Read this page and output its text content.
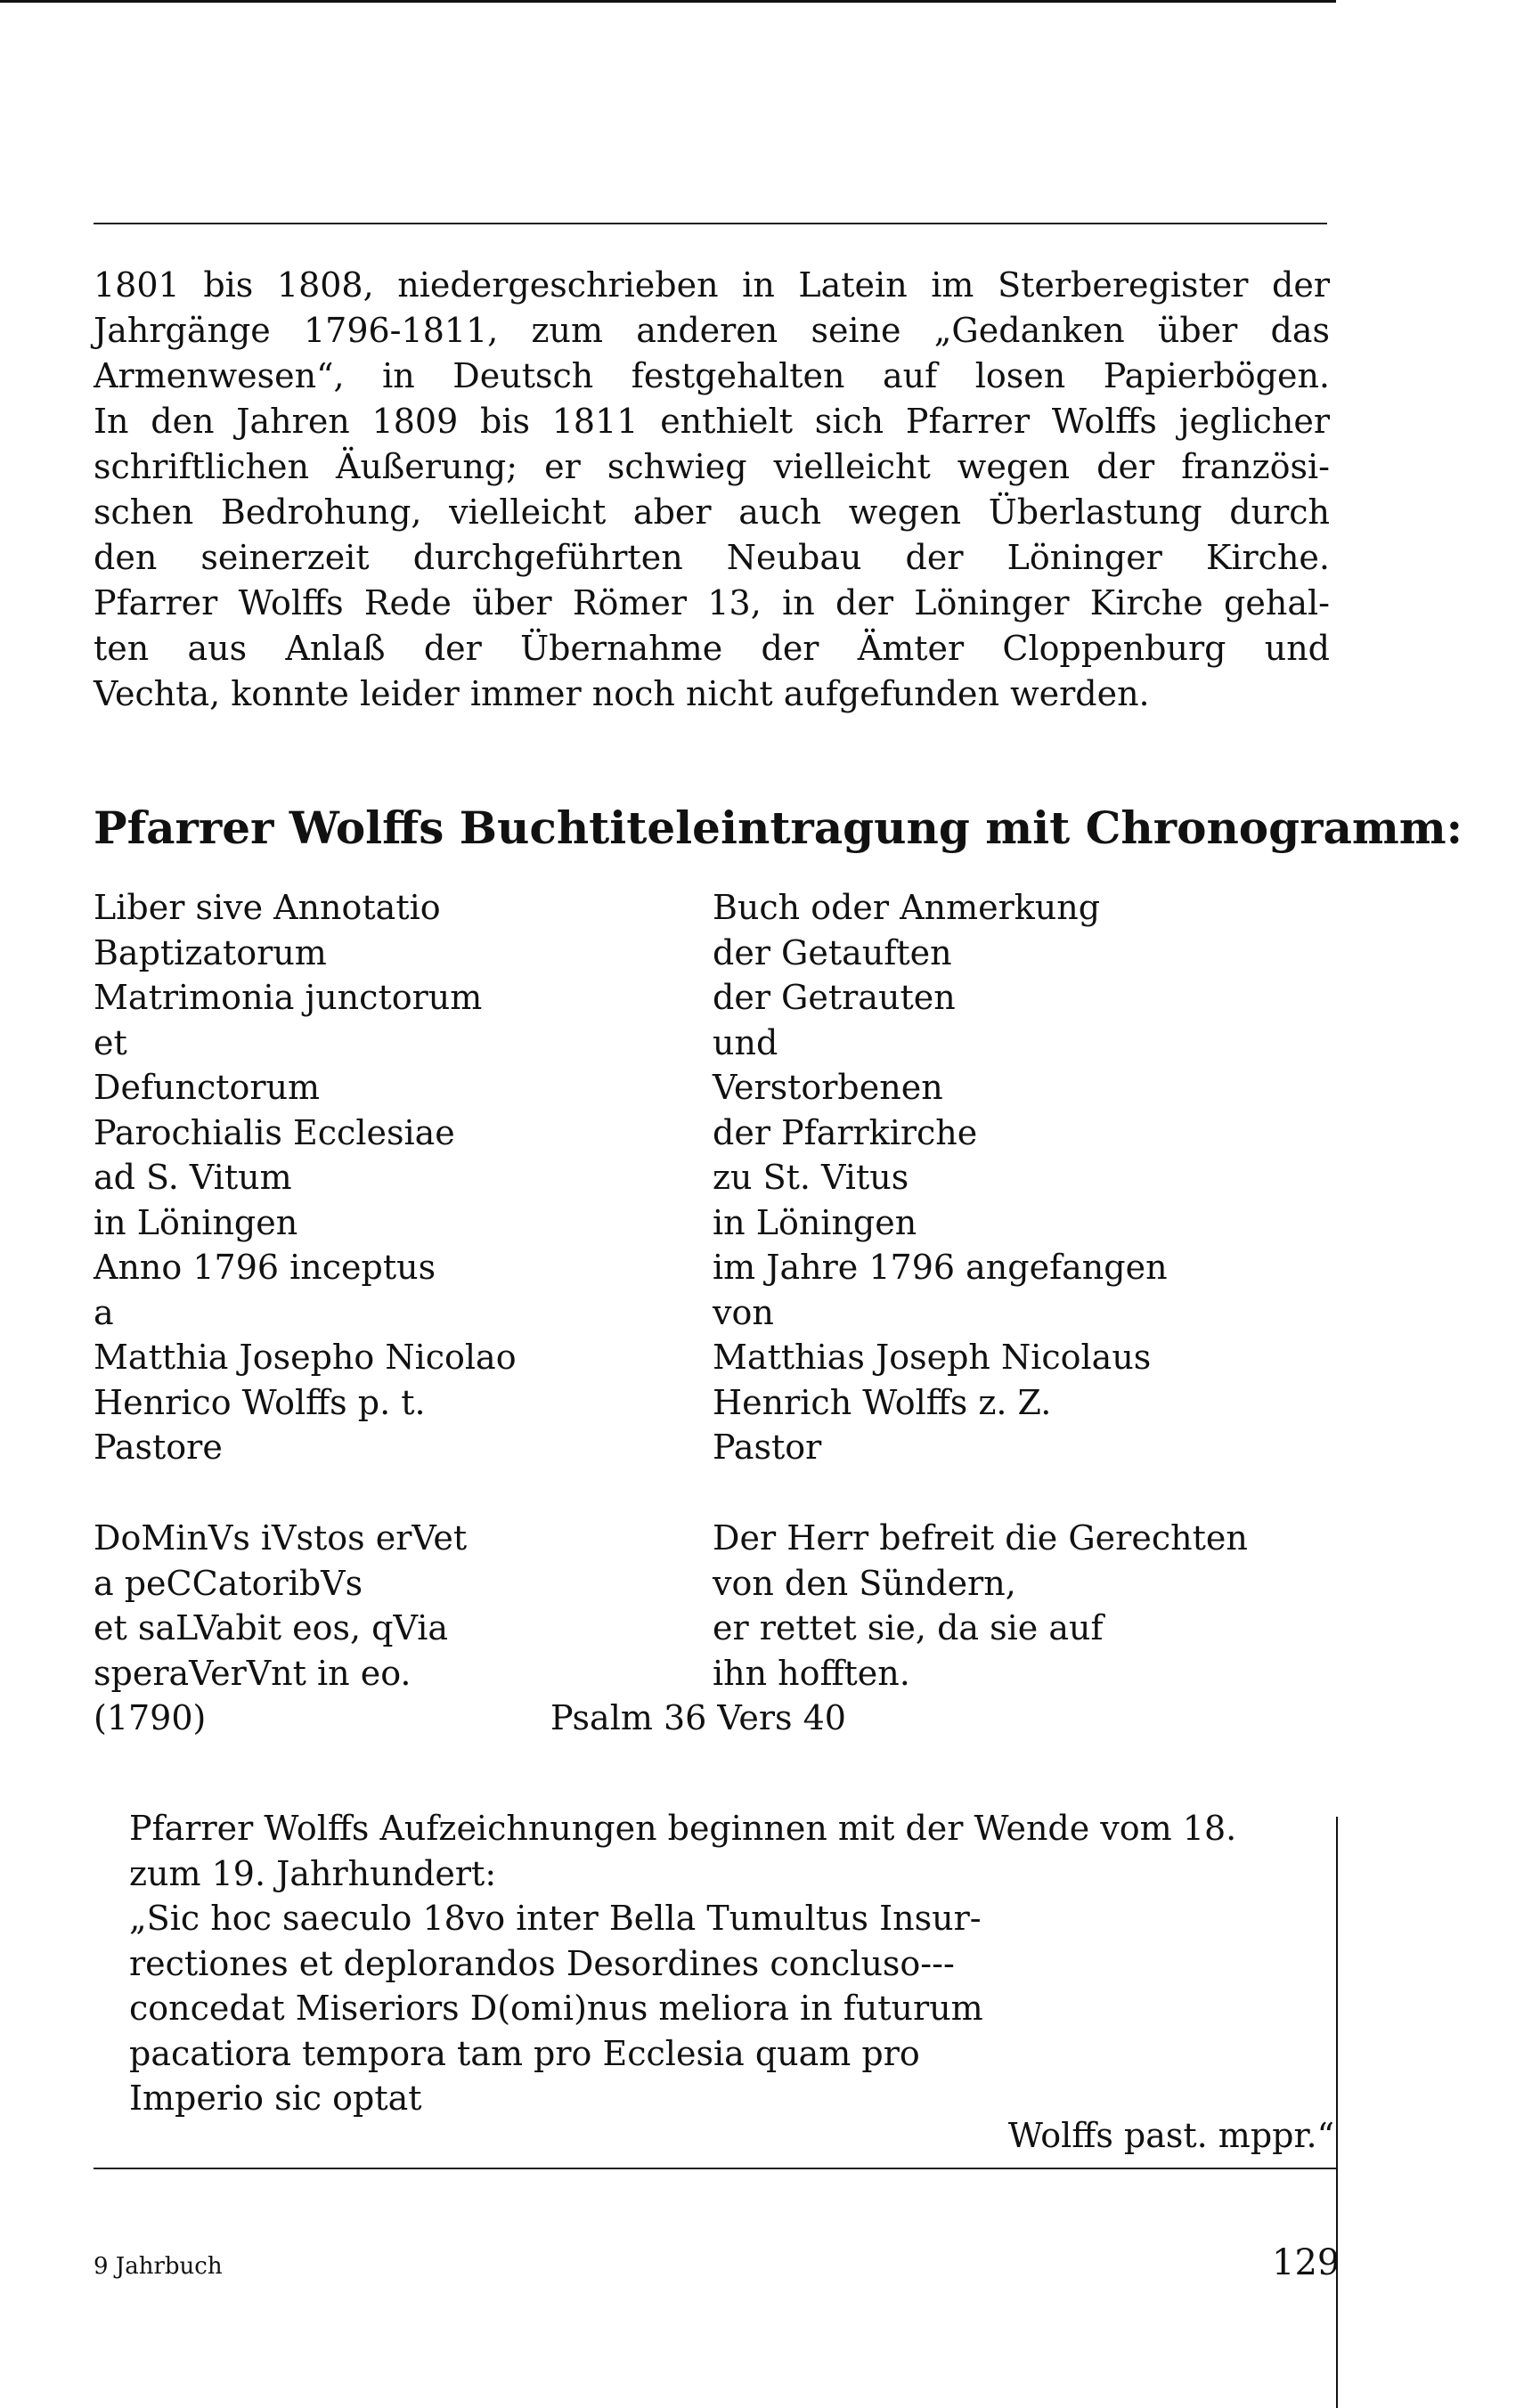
1801 bis 1808, niedergeschrieben in Latein im Sterberegister der
Jahrgänge 1796-1811, zum anderen seine „Gedanken über das
Armenwesen“, in Deutsch festgehalten auf losen Papierbögen.
In den Jahren 1809 bis 1811 enthielt sich Pfarrer Wolffs jeglicher
schriftlichen Äußerung; er schwieg vielleicht wegen der französi-
schen Bedrohung, vielleicht aber auch wegen Überlastung durch
den seinerzeit durchgeführten Neubau der Löninger Kirche.
Pfarrer Wolffs Rede über Römer 13, in der Löninger Kirche gehal-
ten aus Anlaß der Übernahme der Ämter Cloppenburg und
Vechta, konnte leider immer noch nicht aufgefunden werden.

Pfarrer Wolffs Buchtiteleintragung mit Chronogramm:
Liber sive Annotatio
Baptizatorum
Matrimonia junctorum
et
Defunctorum
Parochialis Ecclesiae
ad S. Vitum
in Löningen
Anno 1796 inceptus
a
Matthia Josepho Nicolao
Henrico Wolffs p. t.
Pastore
Buch oder Anmerkung
der Getauften
der Getrauten
und
Verstorbenen
der Pfarrkirche
zu St. Vitus
in Löningen
im Jahre 1796 angefangen
von
Matthias Joseph Nicolaus
Henrich Wolffs z. Z.
Pastor
DoMinVs iVstos erVet
a peCCatoribVs
et saLVabit eos, qVia
speraVerVnt in eo.
Der Herr befreit die Gerechten
von den Sündern,
er rettet sie, da sie auf
ihn hofften.

(1790)	Psalm 36 Vers 40

Pfarrer Wolffs Aufzeichnungen beginnen mit der Wende vom 18.
zum 19. Jahrhundert:
„Sic hoc saeculo 18vo inter Bella Tumultus Insur-
rectiones et deplorandos Desordines concluso---
concedat Miseriors D(omi)nus meliora in futurum
pacatiora tempora tam pro Ecclesia quam pro
Imperio sic optat

Wolffs past. mppr.“

9 Jahrbuch	129
